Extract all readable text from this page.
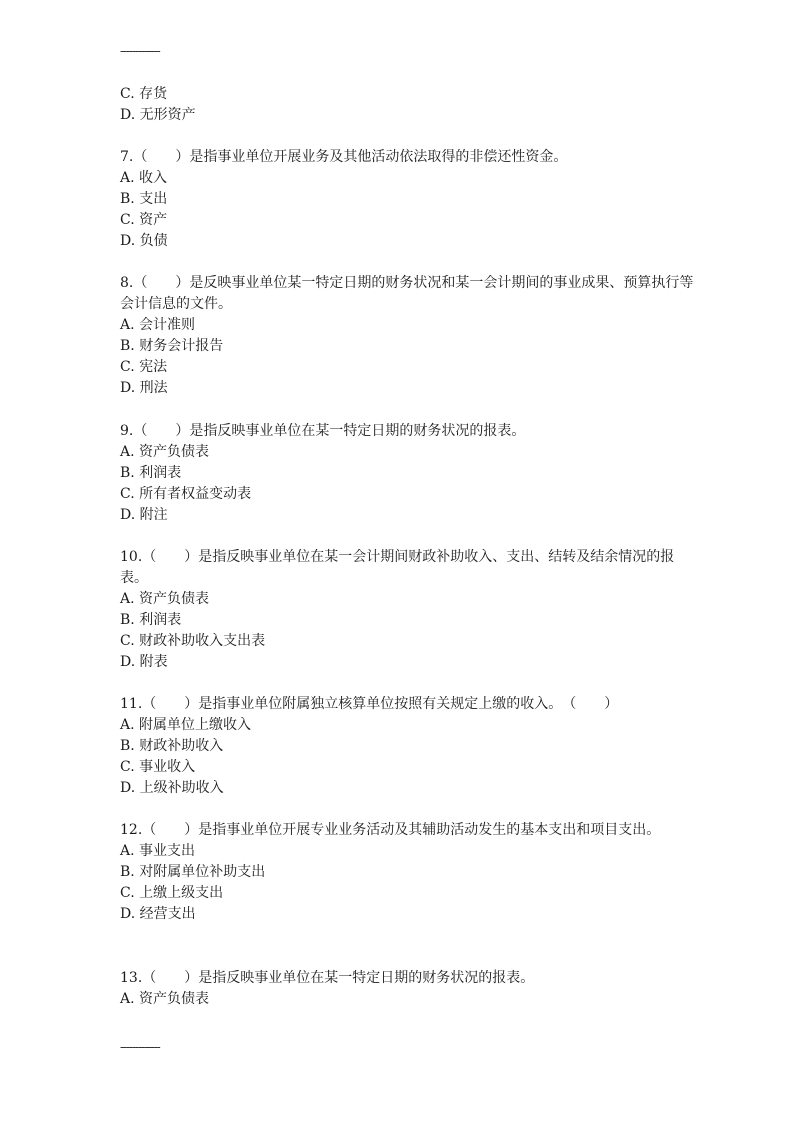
-------------

C. 存货

D. 无形资产

7.（　　）是指事业单位开展业务及其他活动依法取得的非偿还性资金。

A. 收入

B. 支出

C. 资产

D. 负债

8.（　　）是反映事业单位某一特定日期的财务状况和某一会计期间的事业成果、预算执行等会计信息的文件。

A. 会计准则

B. 财务会计报告

C. 宪法

D. 刑法

9.（　　）是指反映事业单位在某一特定日期的财务状况的报表。

A. 资产负债表

B. 利润表

C. 所有者权益变动表

D. 附注

10.（　　）是指反映事业单位在某一会计期间财政补助收入、支出、结转及结余情况的报表。

A. 资产负债表

B. 利润表

C. 财政补助收入支出表

D. 附表

11.（　　）是指事业单位附属独立核算单位按照有关规定上缴的收入。　（　　）

A. 附属单位上缴收入

B. 财政补助收入

C. 事业收入

D. 上级补助收入

12.（　　）是指事业单位开展专业业务活动及其辅助活动发生的基本支出和项目支出。

A. 事业支出

B. 对附属单位补助支出

C. 上缴上级支出

D. 经营支出

13.（　　）是指反映事业单位在某一特定日期的财务状况的报表。

A. 资产负债表

-------------
